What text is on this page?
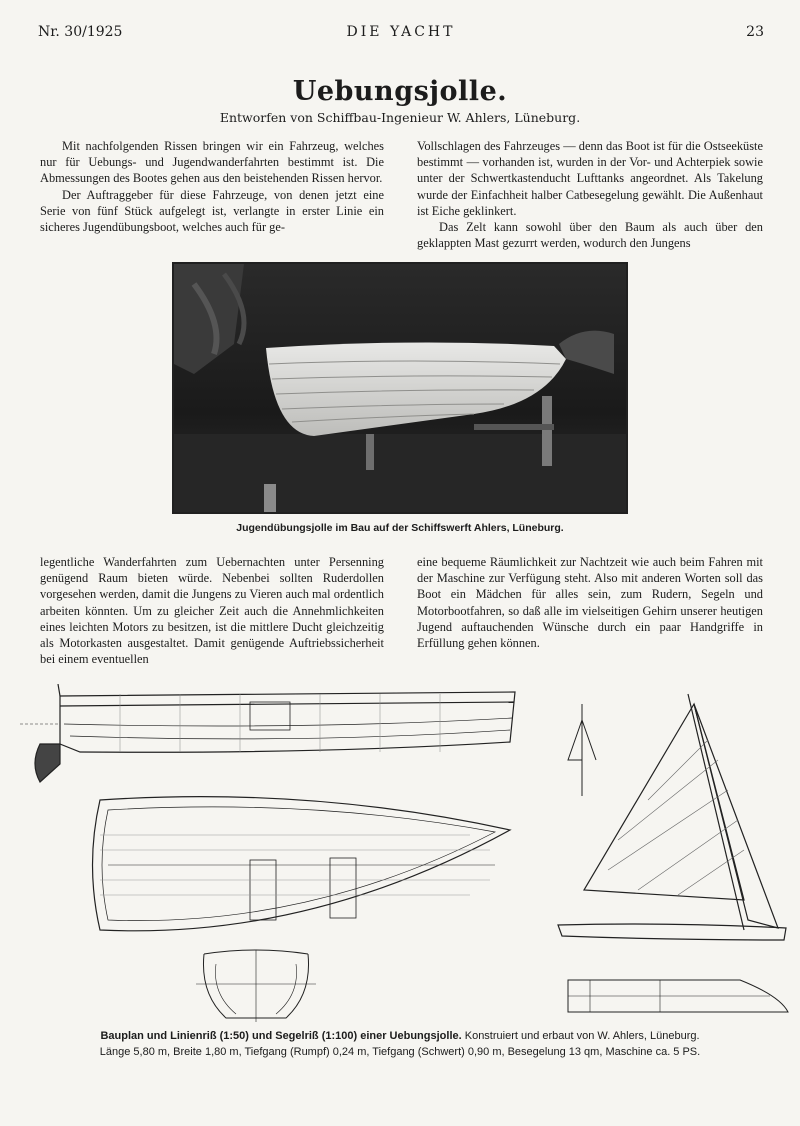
Nr. 30/1925	DIE YACHT	23
Uebungsjolle.
Entworfen von Schiffbau-Ingenieur W. Ahlers, Lüneburg.

Mit nachfolgenden Rissen bringen wir ein Fahrzeug, welches nur für Uebungs- und Jugendwanderfahrten bestimmt ist. Die Abmessungen des Bootes gehen aus den beistehenden Rissen hervor.

Der Auftraggeber für diese Fahrzeuge, von denen jetzt eine Serie von fünf Stück aufgelegt ist, verlangte in erster Linie ein sicheres Jugendübungsboot, welches auch für ge-

Vollschlagen des Fahrzeuges — denn das Boot ist für die Ostseeküste bestimmt — vorhanden ist, wurden in der Vor- und Achterpiek sowie unter der Schwertkastenducht Lufttanks angeordnet. Als Takelung wurde der Einfachheit halber Catbesegelung gewählt. Die Außenhaut ist Eiche geklinkert.

Das Zelt kann sowohl über den Baum als auch über den geklappten Mast gezurrt werden, wodurch den Jungens

Jugendübungsjolle im Bau auf der Schiffswerft Ahlers, Lüneburg.

legentliche Wanderfahrten zum Uebernachten unter Persenning genügend Raum bieten würde. Nebenbei sollten Ruderdollen vorgesehen werden, damit die Jungens zu Vieren auch mal ordentlich arbeiten könnten. Um zu gleicher Zeit auch die Annehmlichkeiten eines leichten Motors zu besitzen, ist die mittlere Ducht gleichzeitig als Motorkasten ausgestaltet. Damit genügende Auftriebssicherheit bei einem eventuellen

eine bequeme Räumlichkeit zur Nachtzeit wie auch beim Fahren mit der Maschine zur Verfügung steht. Also mit anderen Worten soll das Boot ein Mädchen für alles sein, zum Rudern, Segeln und Motorbootfahren, so daß alle im vielseitigen Gehirn unserer heutigen Jugend auftauchenden Wünsche durch ein paar Handgriffe in Erfüllung gehen können.

Bauplan und Linienriß (1:50) und Segelriß (1:100) einer Uebungsjolle. Konstruiert und erbaut von W. Ahlers, Lüneburg.
Länge 5,80 m, Breite 1,80 m, Tiefgang (Rumpf) 0,24 m, Tiefgang (Schwert) 0,90 m, Besegelung 13 qm, Maschine ca. 5 PS.
